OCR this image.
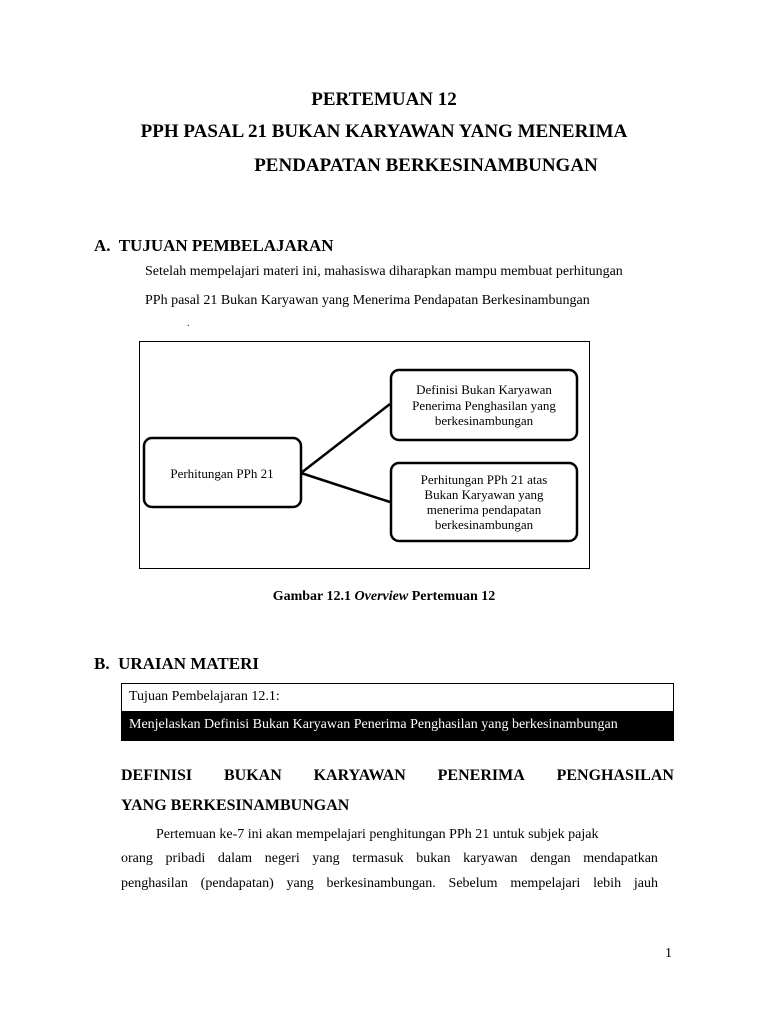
PERTEMUAN 12
PPH PASAL 21 BUKAN KARYAWAN YANG MENERIMA
PENDAPATAN BERKESINAMBUNGAN
A.  TUJUAN PEMBELAJARAN
Setelah mempelajari materi ini, mahasiswa diharapkan mampu membuat perhitungan
PPh pasal 21 Bukan Karyawan yang Menerima Pendapatan Berkesinambungan
.
Perhitungan PPh 21
Definisi Bukan Karyawan
Penerima Penghasilan yang
berkesinambungan
Perhitungan PPh 21 atas
Bukan Karyawan yang
menerima pendapatan
berkesinambungan
Gambar 12.1 Overview Pertemuan 12
B.  URAIAN MATERI
Tujuan Pembelajaran 12.1:
Menjelaskan Definisi Bukan Karyawan Penerima Penghasilan yang berkesinambungan
DEFINISI BUKAN KARYAWAN PENERIMA PENGHASILAN
YANG BERKESINAMBUNGAN
Pertemuan ke-7 ini akan mempelajari penghitungan PPh 21 untuk subjek pajak
orang pribadi dalam negeri yang termasuk bukan karyawan dengan mendapatkan
penghasilan (pendapatan) yang berkesinambungan. Sebelum mempelajari lebih jauh
1
